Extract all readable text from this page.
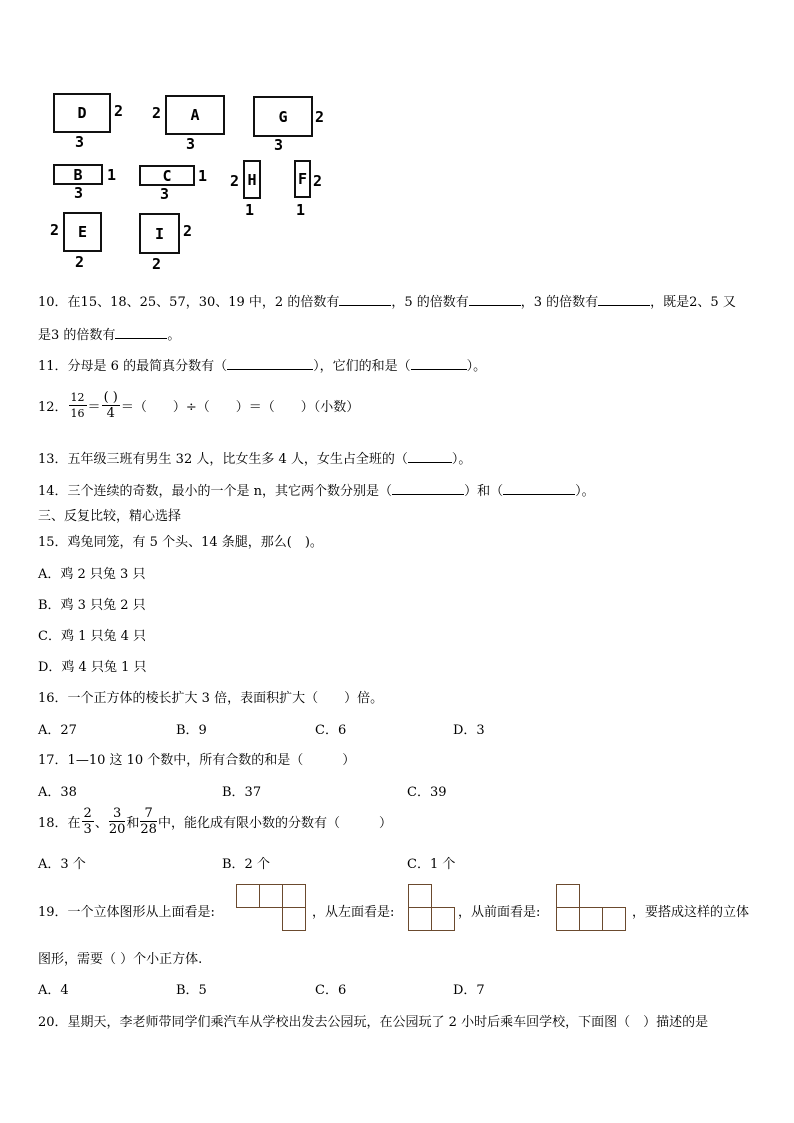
D	2
3
A
2
3
G	2
3
B	1
3
C	1
3
H
2
1
F 2
1
E
2
2
I	2
2
10．在15、18、25、57，30、19 中，2 的倍数有	，5 的倍数有	，3 的倍数有	，既是2、5 又
是3 的倍数有	。
11．分母是 6 的最简真分数有（	），它们的和是（	）。
12． $\frac{12}{16} = \frac{( )}{4}$ ＝（　　）÷（　　）＝（　　）（小数）
13．五年级三班有男生 32 人，比女生多 4 人，女生占全班的（	）。
14．三个连续的奇数，最小的一个是 n，其它两个数分别是（	）和（	）。
三、反复比较，精心选择
15．鸡兔同笼，有 5 个头、14 条腿，那么(　)。
A．鸡 2 只兔 3 只
B．鸡 3 只兔 2 只
C．鸡 1 只兔 4 只
D．鸡 4 只兔 1 只
16．一个正方体的棱长扩大 3 倍，表面积扩大（　　）倍。
A．27	B．9	C．6	D．3
17．1—10 这 10 个数中，所有合数的和是（　　　）
A．38	B．37	C．39
18．在 $\frac{2}{3}$ 、 $\frac{3}{20}$ 和 $\frac{7}{28}$ 中，能化成有限小数的分数有（　　　）
A．3 个	B．2 个	C．1 个
19．一个立体图形从上面看是:	，从左面看是:	，从前面看是:	，要搭成这样的立体
图形，需要（ ）个小正方体.
A．4	B．5	C．6	D．7
20．星期天，李老师带同学们乘汽车从学校出发去公园玩，在公园玩了 2 小时后乘车回学校，下面图（　）描述的是
